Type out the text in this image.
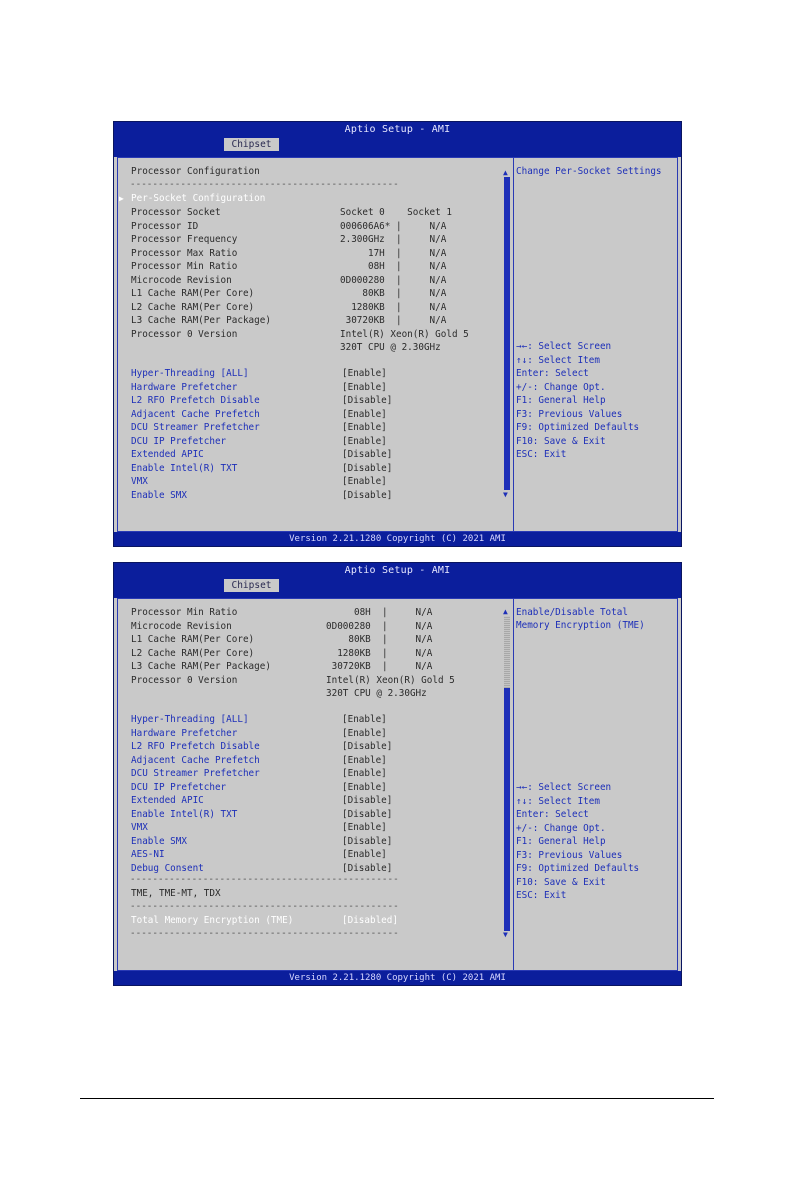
Aptio Setup - AMI
Chipset
Processor Configuration
------------------------------------------------
▶ Per-Socket Configuration
Change Per-Socket Settings
▲
▼
Version 2.21.1280 Copyright (C) 2021 AMI
Processor Socket	Socket 0    Socket 1
Processor ID	000606A6* |     N/A
Processor Frequency	2.300GHz  |     N/A
Processor Max Ratio	17H  |     N/A
Processor Min Ratio	08H  |     N/A
Microcode Revision	0D000280  |     N/A
L1 Cache RAM(Per Core)	80KB  |     N/A
L2 Cache RAM(Per Core)	1280KB  |     N/A
L3 Cache RAM(Per Package)	30720KB  |     N/A
Processor 0 Version	Intel(R) Xeon(R) Gold 5
320T CPU @ 2.30GHz
Hyper-Threading [ALL]	[Enable]
Hardware Prefetcher	[Enable]
L2 RFO Prefetch Disable	[Disable]
Adjacent Cache Prefetch	[Enable]
DCU Streamer Prefetcher	[Enable]
DCU IP Prefetcher	[Enable]
Extended APIC	[Disable]
Enable Intel(R) TXT	[Disable]
VMX	[Enable]
Enable SMX	[Disable]
→←: Select Screen
↑↓: Select Item
Enter: Select
+/-: Change Opt.
F1: General Help
F3: Previous Values
F9: Optimized Defaults
F10: Save & Exit
ESC: Exit
Aptio Setup - AMI
Chipset
------------------------------------------------
TME, TME-MT, TDX
------------------------------------------------
Total Memory Encryption (TME)	[Disabled]
------------------------------------------------
Enable/Disable Total
Memory Encryption (TME)
▲
▼
Version 2.21.1280 Copyright (C) 2021 AMI
Processor Min Ratio	08H  |     N/A
Microcode Revision	0D000280  |     N/A
L1 Cache RAM(Per Core)	80KB  |     N/A
L2 Cache RAM(Per Core)	1280KB  |     N/A
L3 Cache RAM(Per Package)	30720KB  |     N/A
Processor 0 Version	Intel(R) Xeon(R) Gold 5
320T CPU @ 2.30GHz
Hyper-Threading [ALL]	[Enable]
Hardware Prefetcher	[Enable]
L2 RFO Prefetch Disable	[Disable]
Adjacent Cache Prefetch	[Enable]
DCU Streamer Prefetcher	[Enable]
DCU IP Prefetcher	[Enable]
Extended APIC	[Disable]
Enable Intel(R) TXT	[Disable]
VMX	[Enable]
Enable SMX	[Disable]
AES-NI	[Enable]
Debug Consent	[Disable]
→←: Select Screen
↑↓: Select Item
Enter: Select
+/-: Change Opt.
F1: General Help
F3: Previous Values
F9: Optimized Defaults
F10: Save & Exit
ESC: Exit
